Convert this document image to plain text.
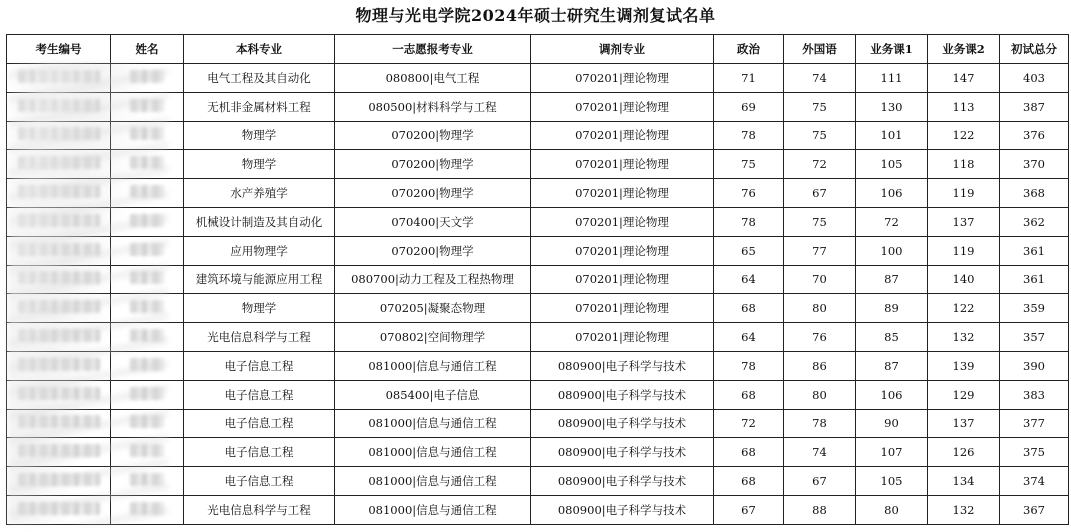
物理与光电学院2024年硕士研究生调剂复试名单
考生编号	姓名	本科专业	一志愿报考专业	调剂专业	政治	外国语	业务课1	业务课2	初试总分
		电气工程及其自动化	080800|电气工程	070201|理论物理	71	74	111	147	403
		无机非金属材料工程	080500|材料科学与工程	070201|理论物理	69	75	130	113	387
		物理学	070200|物理学	070201|理论物理	78	75	101	122	376
		物理学	070200|物理学	070201|理论物理	75	72	105	118	370
		水产养殖学	070200|物理学	070201|理论物理	76	67	106	119	368
		机械设计制造及其自动化	070400|天文学	070201|理论物理	78	75	72	137	362
		应用物理学	070200|物理学	070201|理论物理	65	77	100	119	361
		建筑环境与能源应用工程	080700|动力工程及工程热物理	070201|理论物理	64	70	87	140	361
		物理学	070205|凝聚态物理	070201|理论物理	68	80	89	122	359
		光电信息科学与工程	070802|空间物理学	070201|理论物理	64	76	85	132	357
		电子信息工程	081000|信息与通信工程	080900|电子科学与技术	78	86	87	139	390
		电子信息工程	085400|电子信息	080900|电子科学与技术	68	80	106	129	383
		电子信息工程	081000|信息与通信工程	080900|电子科学与技术	72	78	90	137	377
		电子信息工程	081000|信息与通信工程	080900|电子科学与技术	68	74	107	126	375
		电子信息工程	081000|信息与通信工程	080900|电子科学与技术	68	67	105	134	374
		光电信息科学与工程	081000|信息与通信工程	080900|电子科学与技术	67	88	80	132	367
